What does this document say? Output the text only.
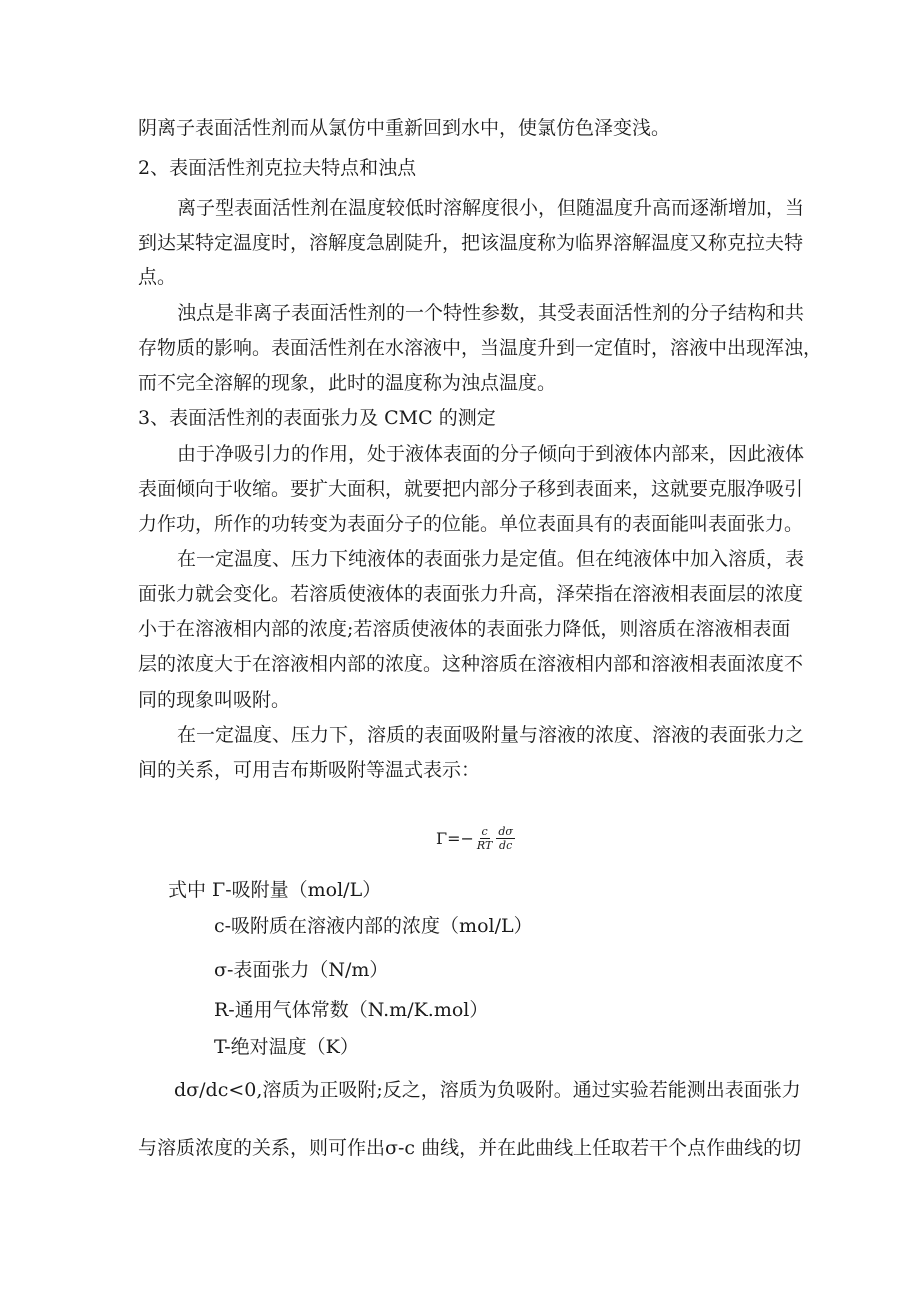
阴离子表面活性剂而从氯仿中重新回到水中，使氯仿色泽变浅。
2、表面活性剂克拉夫特点和浊点
离子型表面活性剂在温度较低时溶解度很小，但随温度升高而逐渐增加，当
到达某特定温度时，溶解度急剧陡升，把该温度称为临界溶解温度又称克拉夫特
点。
浊点是非离子表面活性剂的一个特性参数，其受表面活性剂的分子结构和共
存物质的影响。表面活性剂在水溶液中，当温度升到一定值时，溶液中出现浑浊，
而不完全溶解的现象，此时的温度称为浊点温度。
3、表面活性剂的表面张力及 CMC 的测定
由于净吸引力的作用，处于液体表面的分子倾向于到液体内部来，因此液体
表面倾向于收缩。要扩大面积，就要把内部分子移到表面来，这就要克服净吸引
力作功，所作的功转变为表面分子的位能。单位表面具有的表面能叫表面张力。
在一定温度、压力下纯液体的表面张力是定值。但在纯液体中加入溶质，表
面张力就会变化。若溶质使液体的表面张力升高，泽荣指在溶液相表面层的浓度
小于在溶液相内部的浓度;若溶质使液体的表面张力降低，则溶质在溶液相表面
层的浓度大于在溶液相内部的浓度。这种溶质在溶液相内部和溶液相表面浓度不
同的现象叫吸附。
在一定温度、压力下，溶质的表面吸附量与溶液的浓度、溶液的表面张力之
间的关系，可用吉布斯吸附等温式表示：
$\Gamma=- \frac{c}{RT} \frac{d\sigma}{dc}$
式中 Γ-吸附量（mol/L）
c-吸附质在溶液内部的浓度（mol/L）
σ-表面张力（N/m）
R-通用气体常数（N.m/K.mol）
T-绝对温度（K）
dσ/dc<0,溶质为正吸附;反之，溶质为负吸附。通过实验若能测出表面张力
与溶质浓度的关系，则可作出σ-c 曲线，并在此曲线上任取若干个点作曲线的切
